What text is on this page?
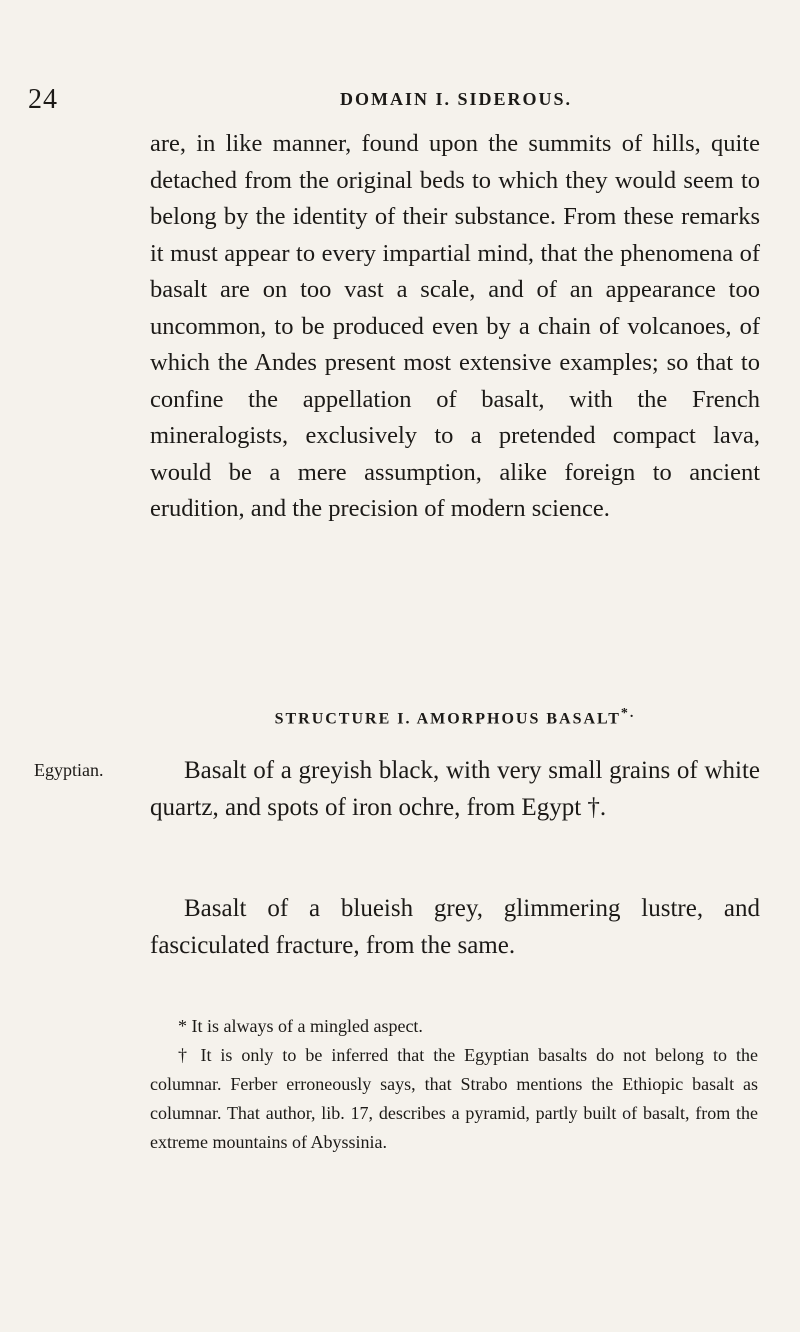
24	DOMAIN I. SIDEROUS.
are, in like manner, found upon the summits of hills, quite detached from the original beds to which they would seem to belong by the identity of their substance. From these remarks it must appear to every impartial mind, that the phenomena of basalt are on too vast a scale, and of an appearance too uncommon, to be produced even by a chain of volcanoes, of which the Andes present most extensive examples; so that to confine the appellation of basalt, with the French mineralogists, exclusively to a pretended compact lava, would be a mere assumption, alike foreign to ancient erudition, and the precision of modern science.
STRUCTURE I. AMORPHOUS BASALT*.
Egyptian.	Basalt of a greyish black, with very small grains of white quartz, and spots of iron ochre, from Egypt †.
Basalt of a blueish grey, glimmering lustre, and fasciculated fracture, from the same.

* It is always of a mingled aspect.

† It is only to be inferred that the Egyptian basalts do not belong to the columnar. Ferber erroneously says, that Strabo mentions the Ethiopic basalt as columnar. That author, lib. 17, describes a pyramid, partly built of basalt, from the extreme mountains of Abyssinia.
